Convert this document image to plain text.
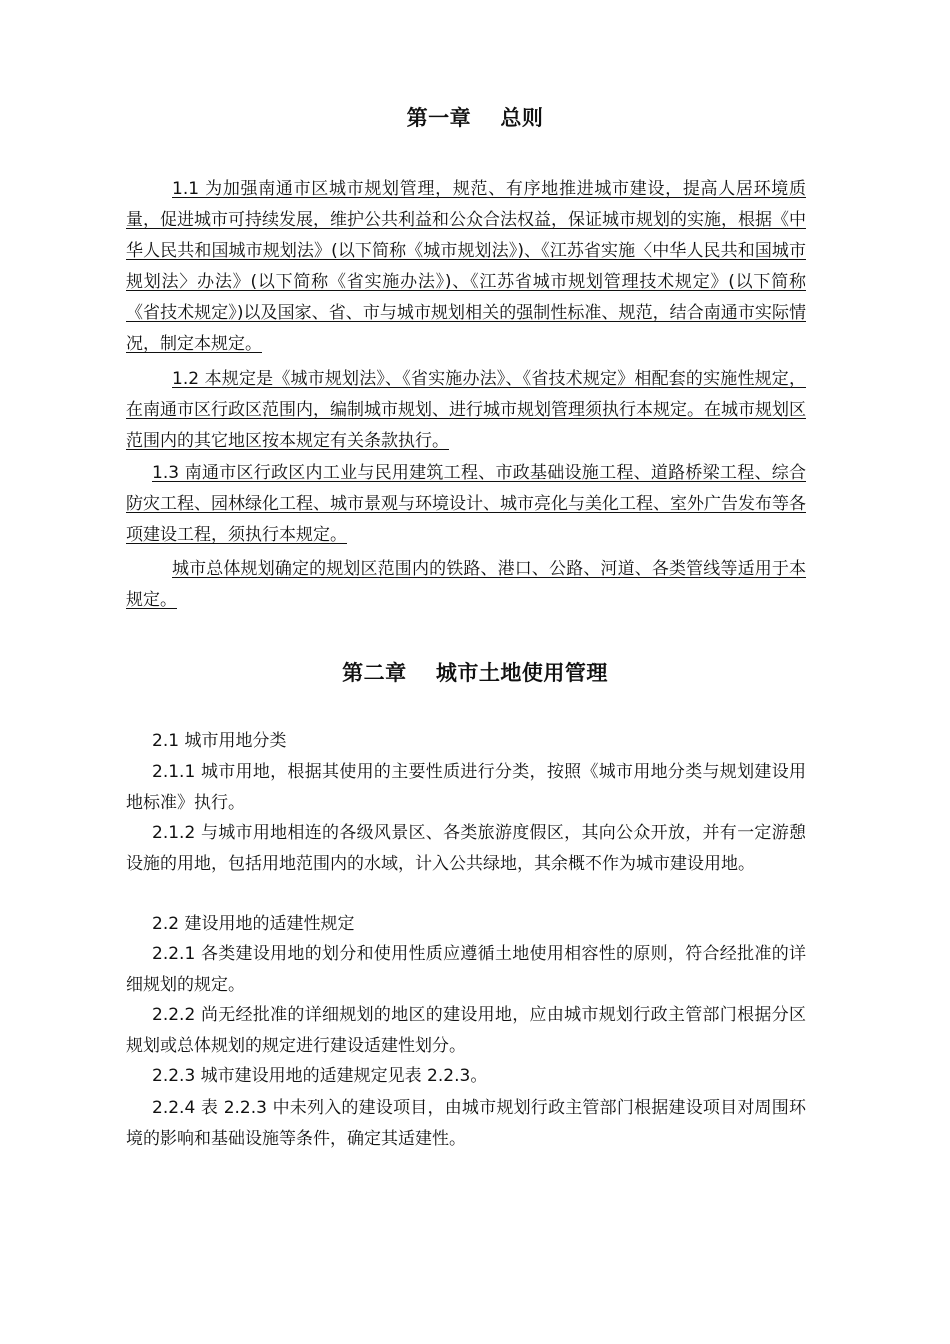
第一章　 总则

1.1 为加强南通市区城市规划管理，规范、有序地推进城市建设，提高人居环境质量，促进城市可持续发展，维护公共利益和公众合法权益，保证城市规划的实施，根据《中华人民共和国城市规划法》(以下简称《城市规划法》)、《江苏省实施〈中华人民共和国城市规划法〉办法》(以下简称《省实施办法》)、《江苏省城市规划管理技术规定》(以下简称《省技术规定》)以及国家、省、市与城市规划相关的强制性标准、规范，结合南通市实际情况，制定本规定。

1.2 本规定是《城市规划法》、《省实施办法》、《省技术规定》相配套的实施性规定，在南通市区行政区范围内，编制城市规划、进行城市规划管理须执行本规定。在城市规划区范围内的其它地区按本规定有关条款执行。

1.3 南通市区行政区内工业与民用建筑工程、市政基础设施工程、道路桥梁工程、综合防灾工程、园林绿化工程、城市景观与环境设计、城市亮化与美化工程、室外广告发布等各项建设工程，须执行本规定。

城市总体规划确定的规划区范围内的铁路、港口、公路、河道、各类管线等适用于本规定。

第二章　 城市土地使用管理

2.1 城市用地分类

2.1.1 城市用地，根据其使用的主要性质进行分类，按照《城市用地分类与规划建设用地标准》执行。

2.1.2 与城市用地相连的各级风景区、各类旅游度假区，其向公众开放，并有一定游憩设施的用地，包括用地范围内的水域，计入公共绿地，其余概不作为城市建设用地。

2.2 建设用地的适建性规定

2.2.1 各类建设用地的划分和使用性质应遵循土地使用相容性的原则，符合经批准的详细规划的规定。

2.2.2 尚无经批准的详细规划的地区的建设用地，应由城市规划行政主管部门根据分区规划或总体规划的规定进行建设适建性划分。

2.2.3 城市建设用地的适建规定见表 2.2.3。

2.2.4 表 2.2.3 中未列入的建设项目，由城市规划行政主管部门根据建设项目对周围环境的影响和基础设施等条件，确定其适建性。
